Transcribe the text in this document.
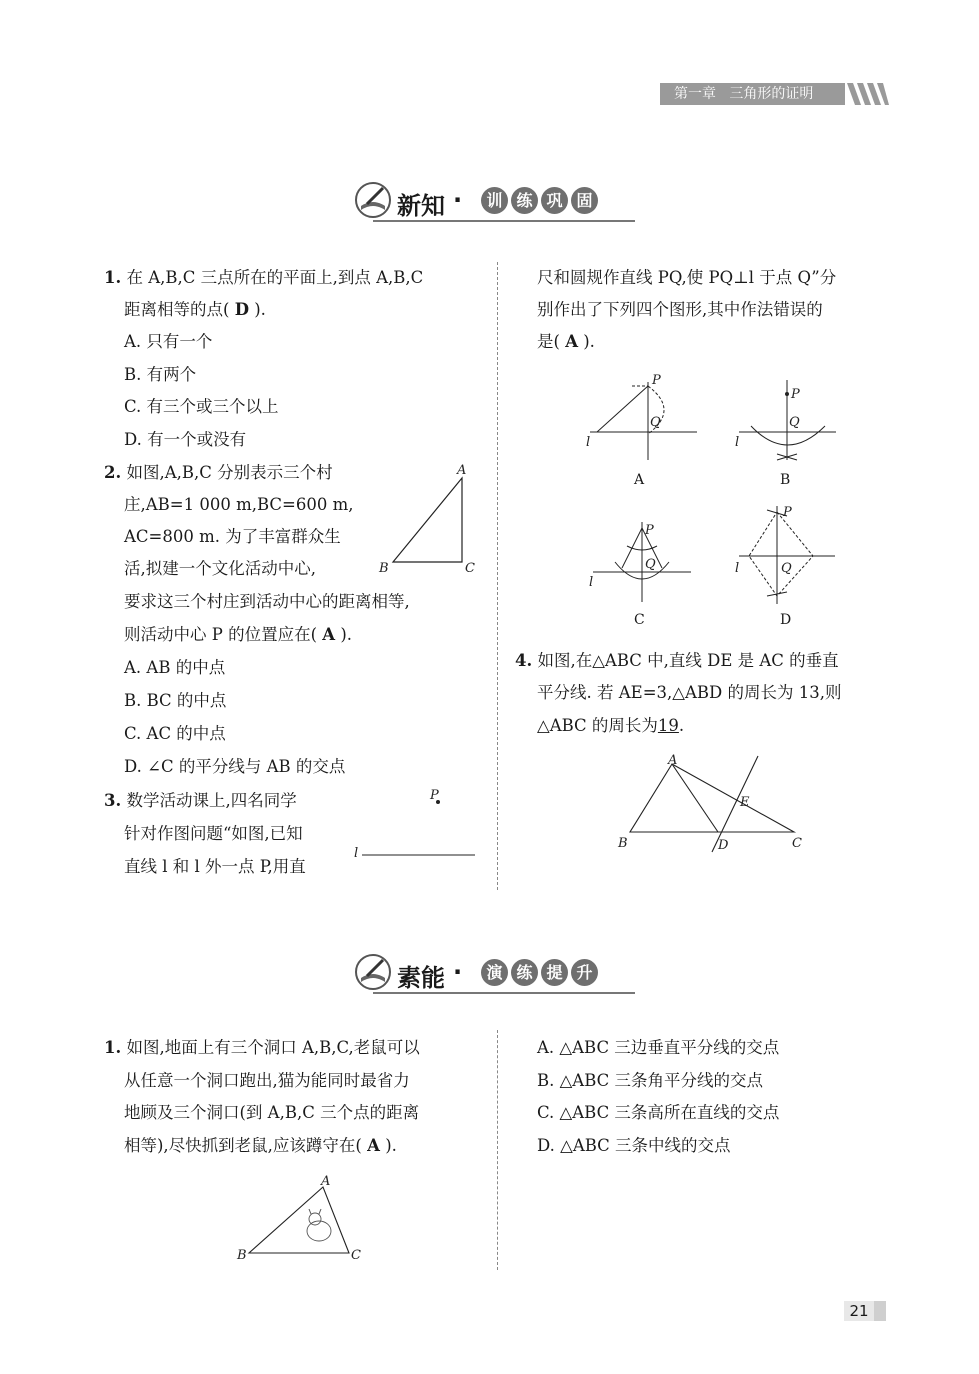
第一章 三角形的证明
新知 ·	训 练 巩 固
1. 在 A,B,C 三点所在的平面上,到点 A,B,C
距离相等的点( D ).
A. 只有一个
B. 有两个
C. 有三个或三个以上
D. 有一个或没有
2. 如图,A,B,C 分别表示三个村
庄,AB=1 000 m,BC=600 m,
AC=800 m. 为了丰富群众生
活,拟建一个文化活动中心,
要求这三个村庄到活动中心的距离相等,
则活动中心 P 的位置应在( A ).
A. AB 的中点
B. BC 的中点
C. AC 的中点
D. ∠C 的平分线与 AB 的交点
A
B	C
3. 数学活动课上,四名同学
针对作图问题“如图,已知
直线 l 和 l 外一点 P,用直
P
l
尺和圆规作直线 PQ,使 PQ⊥l 于点 Q”分
别作出了下列四个图形,其中作法错误的
是( A ).
l
P
Q
A
l
P
Q
B
l
P
Q
C
l
P
Q
D
4. 如图,在△ABC 中,直线 DE 是 AC 的垂直
平分线. 若 AE=3,△ABD 的周长为 13,则
△ABC 的周长为19.
A
B	C
D
E
素能 ·	演 练 提 升
1. 如图,地面上有三个洞口 A,B,C,老鼠可以
从任意一个洞口跑出,猫为能同时最省力
地顾及三个洞口(到 A,B,C 三个点的距离
相等),尽快抓到老鼠,应该蹲守在( A ).
A
B	C
A. △ABC 三边垂直平分线的交点
B. △ABC 三条角平分线的交点
C. △ABC 三条高所在直线的交点
D. △ABC 三条中线的交点
21
